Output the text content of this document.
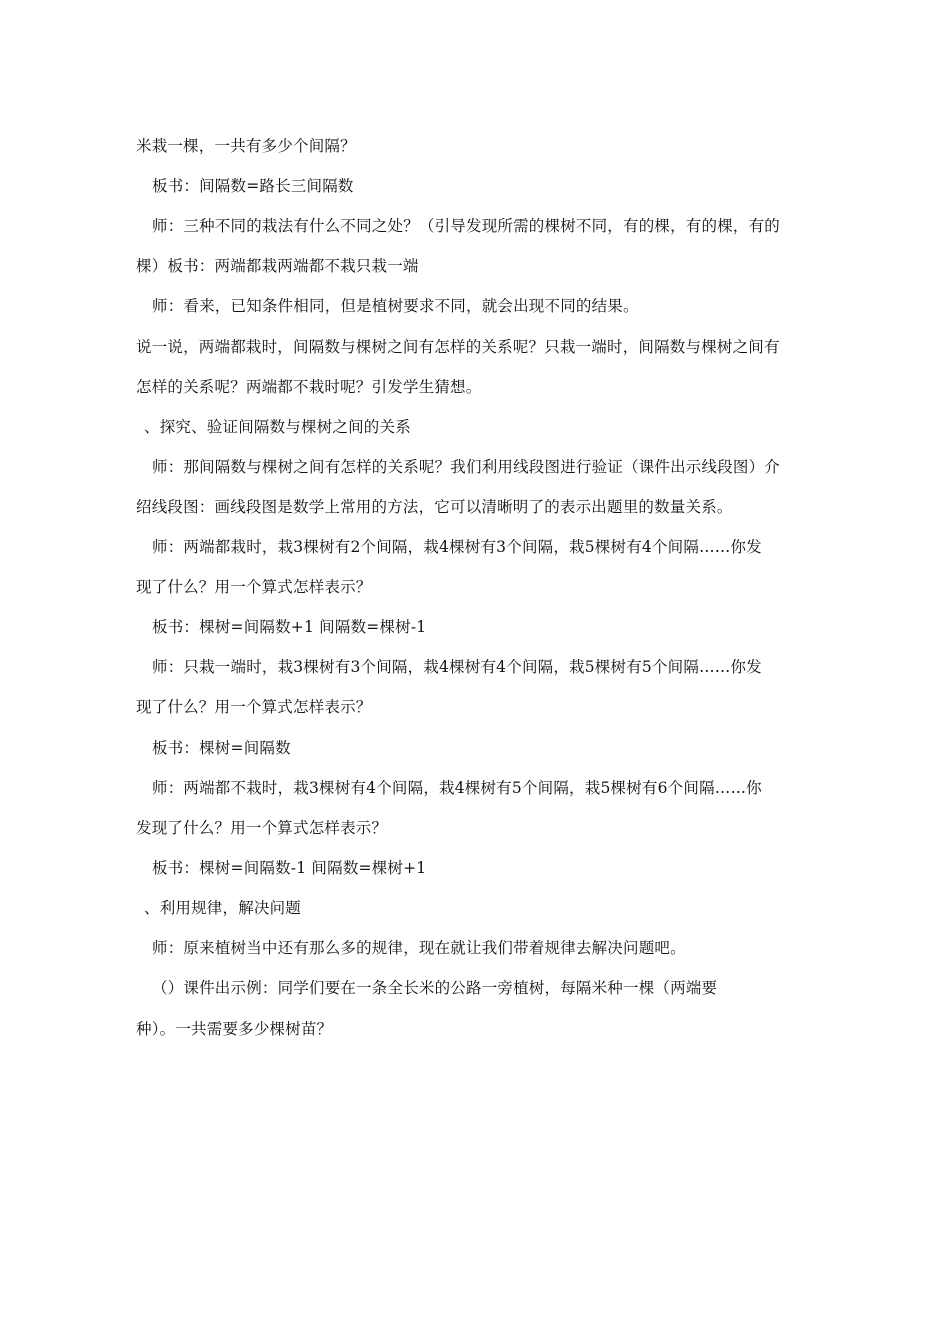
米栽一棵，一共有多少个间隔？
板书：间隔数=路长三间隔数
师：三种不同的栽法有什么不同之处？（引导发现所需的棵树不同，有的棵，有的棵，有的
棵）板书：两端都栽两端都不栽只栽一端
师：看来，已知条件相同，但是植树要求不同，就会出现不同的结果。
说一说，两端都栽时，间隔数与棵树之间有怎样的关系呢？只栽一端时，间隔数与棵树之间有
怎样的关系呢？两端都不栽时呢？引发学生猜想。
、探究、验证间隔数与棵树之间的关系
师：那间隔数与棵树之间有怎样的关系呢？我们利用线段图进行验证（课件出示线段图）介
绍线段图：画线段图是数学上常用的方法，它可以清晰明了的表示出题里的数量关系。
师：两端都栽时，栽3棵树有2个间隔，栽4棵树有3个间隔，栽5棵树有4个间隔……你发
现了什么？用一个算式怎样表示？
板书：棵树=间隔数+1 间隔数=棵树-1
师：只栽一端时，栽3棵树有3个间隔，栽4棵树有4个间隔，栽5棵树有5个间隔……你发
现了什么？用一个算式怎样表示？
板书：棵树=间隔数
师：两端都不栽时，栽3棵树有4个间隔，栽4棵树有5个间隔，栽5棵树有6个间隔……你
发现了什么？用一个算式怎样表示？
板书：棵树=间隔数-1 间隔数=棵树+1
、利用规律，解决问题
师：原来植树当中还有那么多的规律，现在就让我们带着规律去解决问题吧。
（）课件出示例：同学们要在一条全长米的公路一旁植树，每隔米种一棵（两端要
种）。一共需要多少棵树苗？
